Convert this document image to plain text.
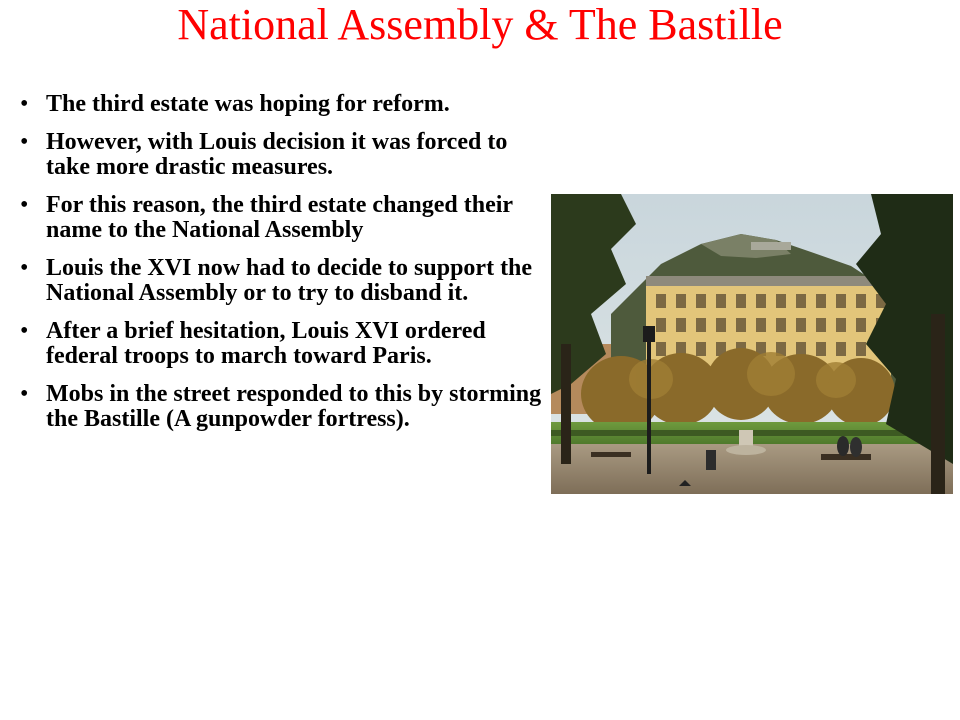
National Assembly & The Bastille
• The third estate was hoping for reform.
• However, with Louis decision it was forced to take more drastic measures.
• For this reason, the third estate changed their name to the National Assembly
• Louis the XVI now had to decide to support the National Assembly or to try to disband it.
• After a brief hesitation, Louis XVI ordered federal troops to march toward Paris.
• Mobs in the street responded to this by storming the Bastille (A gunpowder fortress).
